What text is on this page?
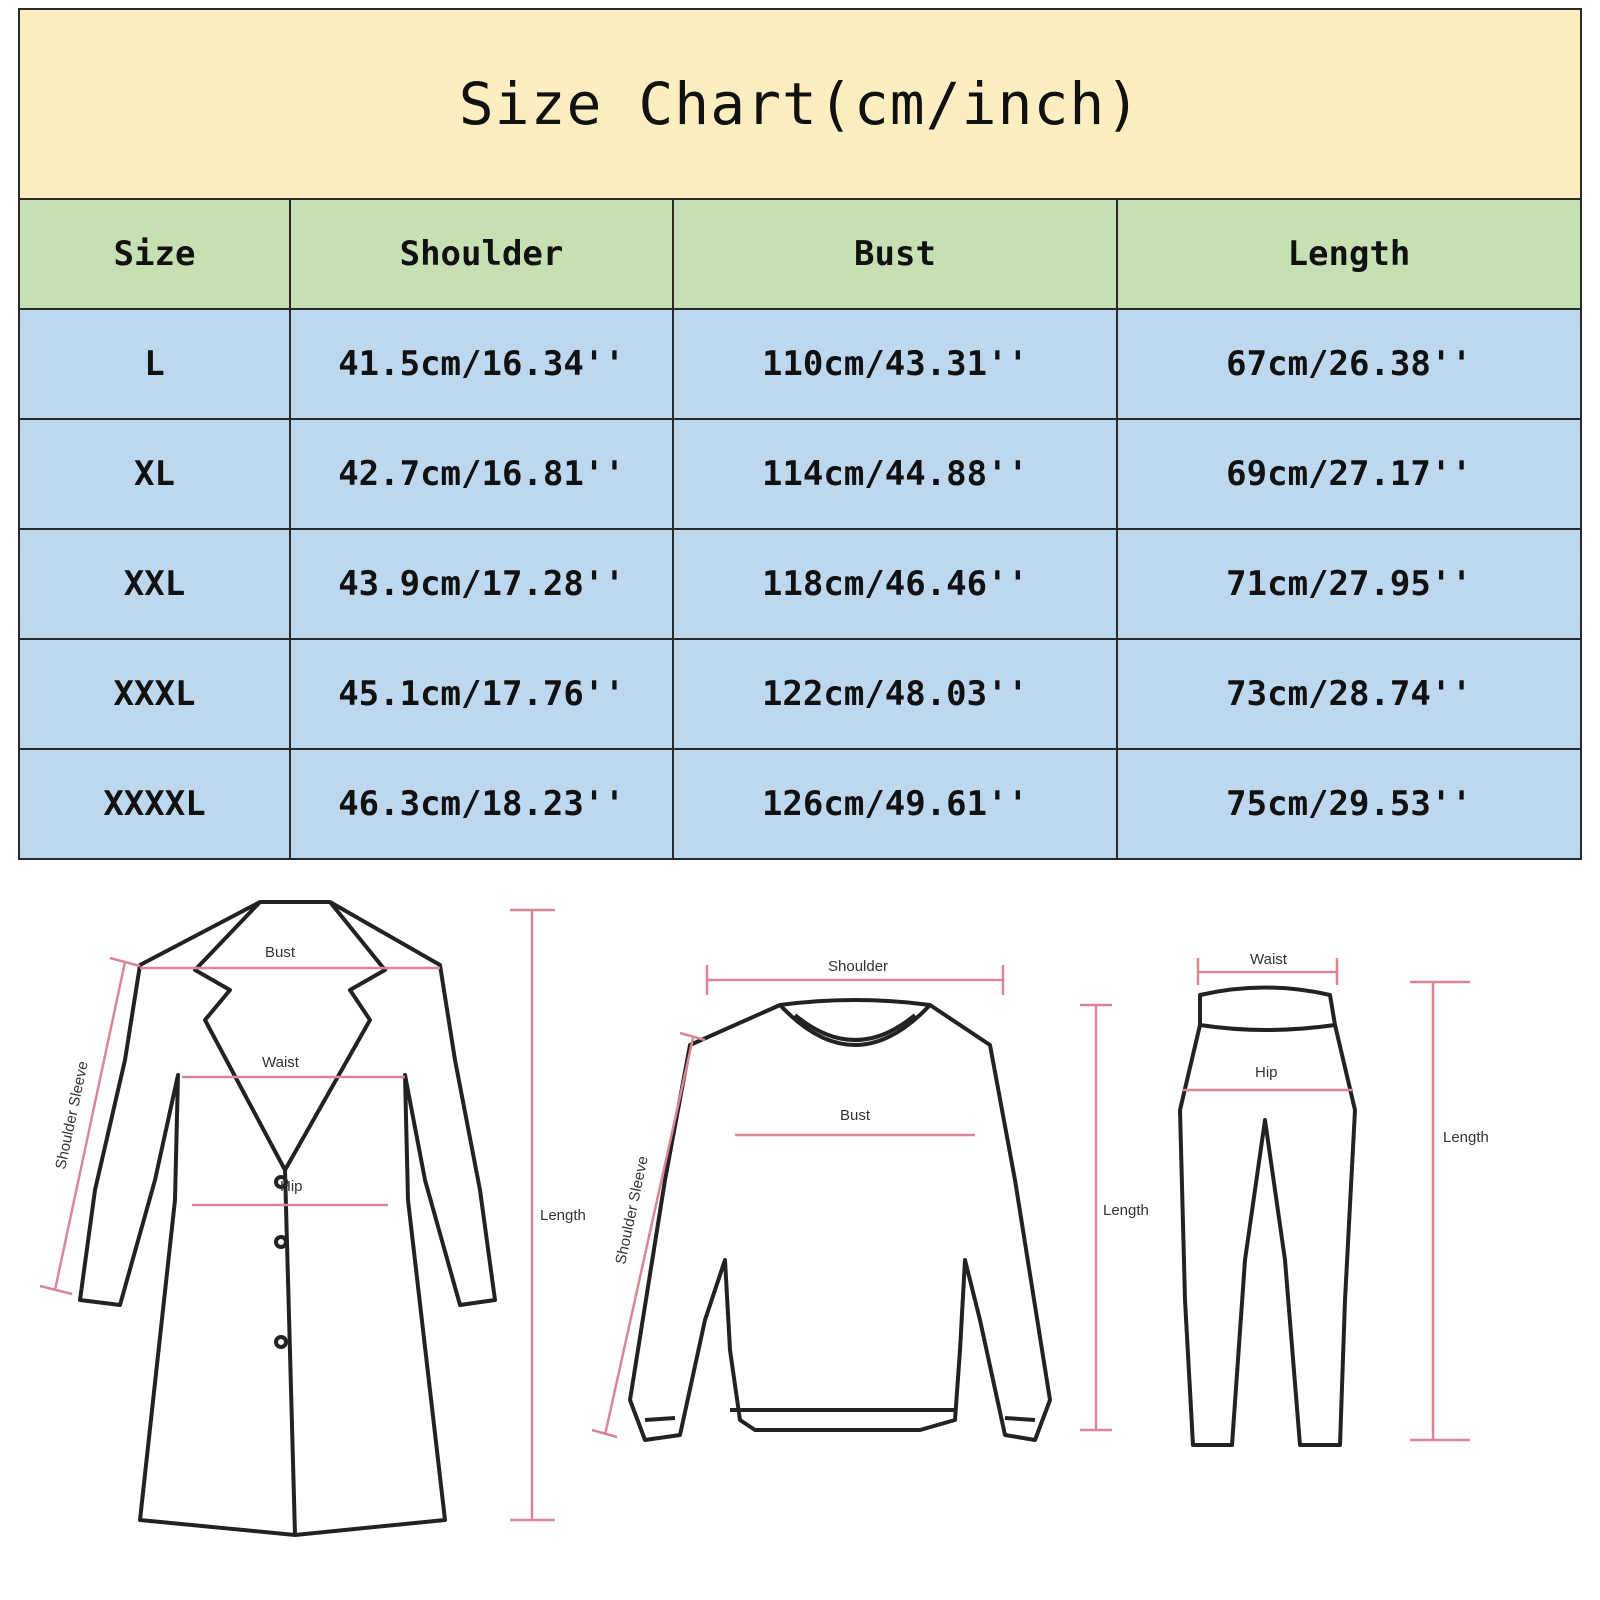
Size Chart(cm/inch)			
Size	Shoulder	Bust	Length
L	41.5cm/16.34''	110cm/43.31''	67cm/26.38''
XL	42.7cm/16.81''	114cm/44.88''	69cm/27.17''
XXL	43.9cm/17.28''	118cm/46.46''	71cm/27.95''
XXXL	45.1cm/17.76''	122cm/48.03''	73cm/28.74''
XXXXL	46.3cm/18.23''	126cm/49.61''	75cm/29.53''
Bust
Waist
Hip
Shoulder Sleeve
Length
Shoulder
Bust
Shoulder Sleeve	Length
Waist
Hip
Length
